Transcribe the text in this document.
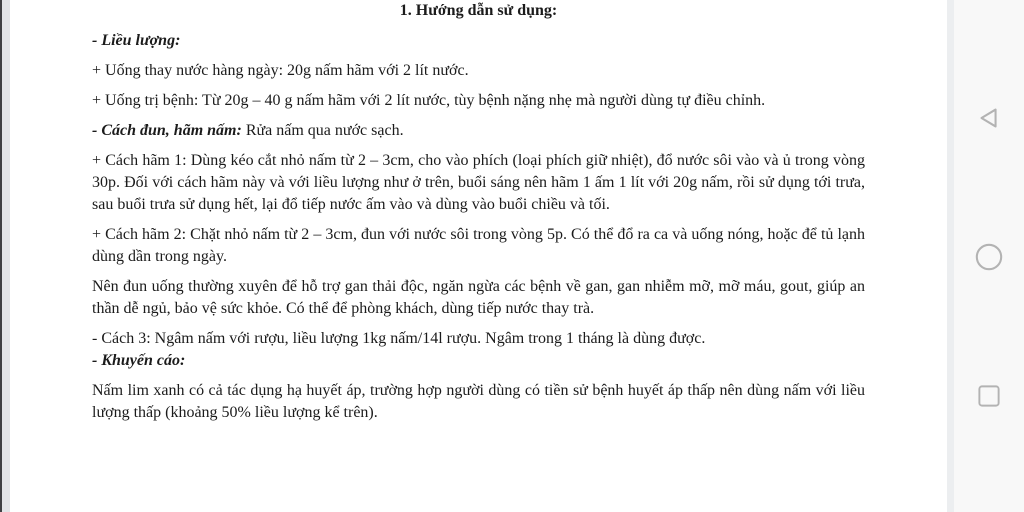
1. Hướng dẫn sử dụng:

- Liều lượng:

+ Uống thay nước hàng ngày: 20g nấm hãm với 2 lít nước.

+ Uống trị bệnh: Từ 20g – 40 g nấm hãm với 2 lít nước, tùy bệnh nặng nhẹ mà người dùng tự điều chỉnh.

- Cách đun, hãm nấm: Rửa nấm qua nước sạch.

+ Cách hãm 1: Dùng kéo cắt nhỏ nấm từ 2 – 3cm, cho vào phích (loại phích giữ nhiệt), đổ nước sôi vào và ủ trong vòng 30p. Đối với cách hãm này và với liều lượng như ở trên, buổi sáng nên hãm 1 ấm 1 lít với 20g nấm, rồi sử dụng tới trưa, sau buổi trưa sử dụng hết, lại đổ tiếp nước ấm vào và dùng vào buổi chiều và tối.

+ Cách hãm 2: Chặt nhỏ nấm từ 2 – 3cm, đun với nước sôi trong vòng 5p. Có thể đổ ra ca và uống nóng, hoặc để tủ lạnh dùng dần trong ngày.

Nên đun uống thường xuyên để hỗ trợ gan thải độc, ngăn ngừa các bệnh về gan, gan nhiễm mỡ, mỡ máu, gout, giúp an thần dễ ngủ, bảo vệ sức khỏe. Có thể để phòng khách, dùng tiếp nước thay trà.

- Cách 3: Ngâm nấm với rượu, liều lượng 1kg nấm/14l rượu. Ngâm trong 1 tháng là dùng được.

- Khuyến cáo:

Nấm lim xanh có cả tác dụng hạ huyết áp, trường hợp người dùng có tiền sử bệnh huyết áp thấp nên dùng nấm với liều lượng thấp (khoảng 50% liều lượng kể trên).
